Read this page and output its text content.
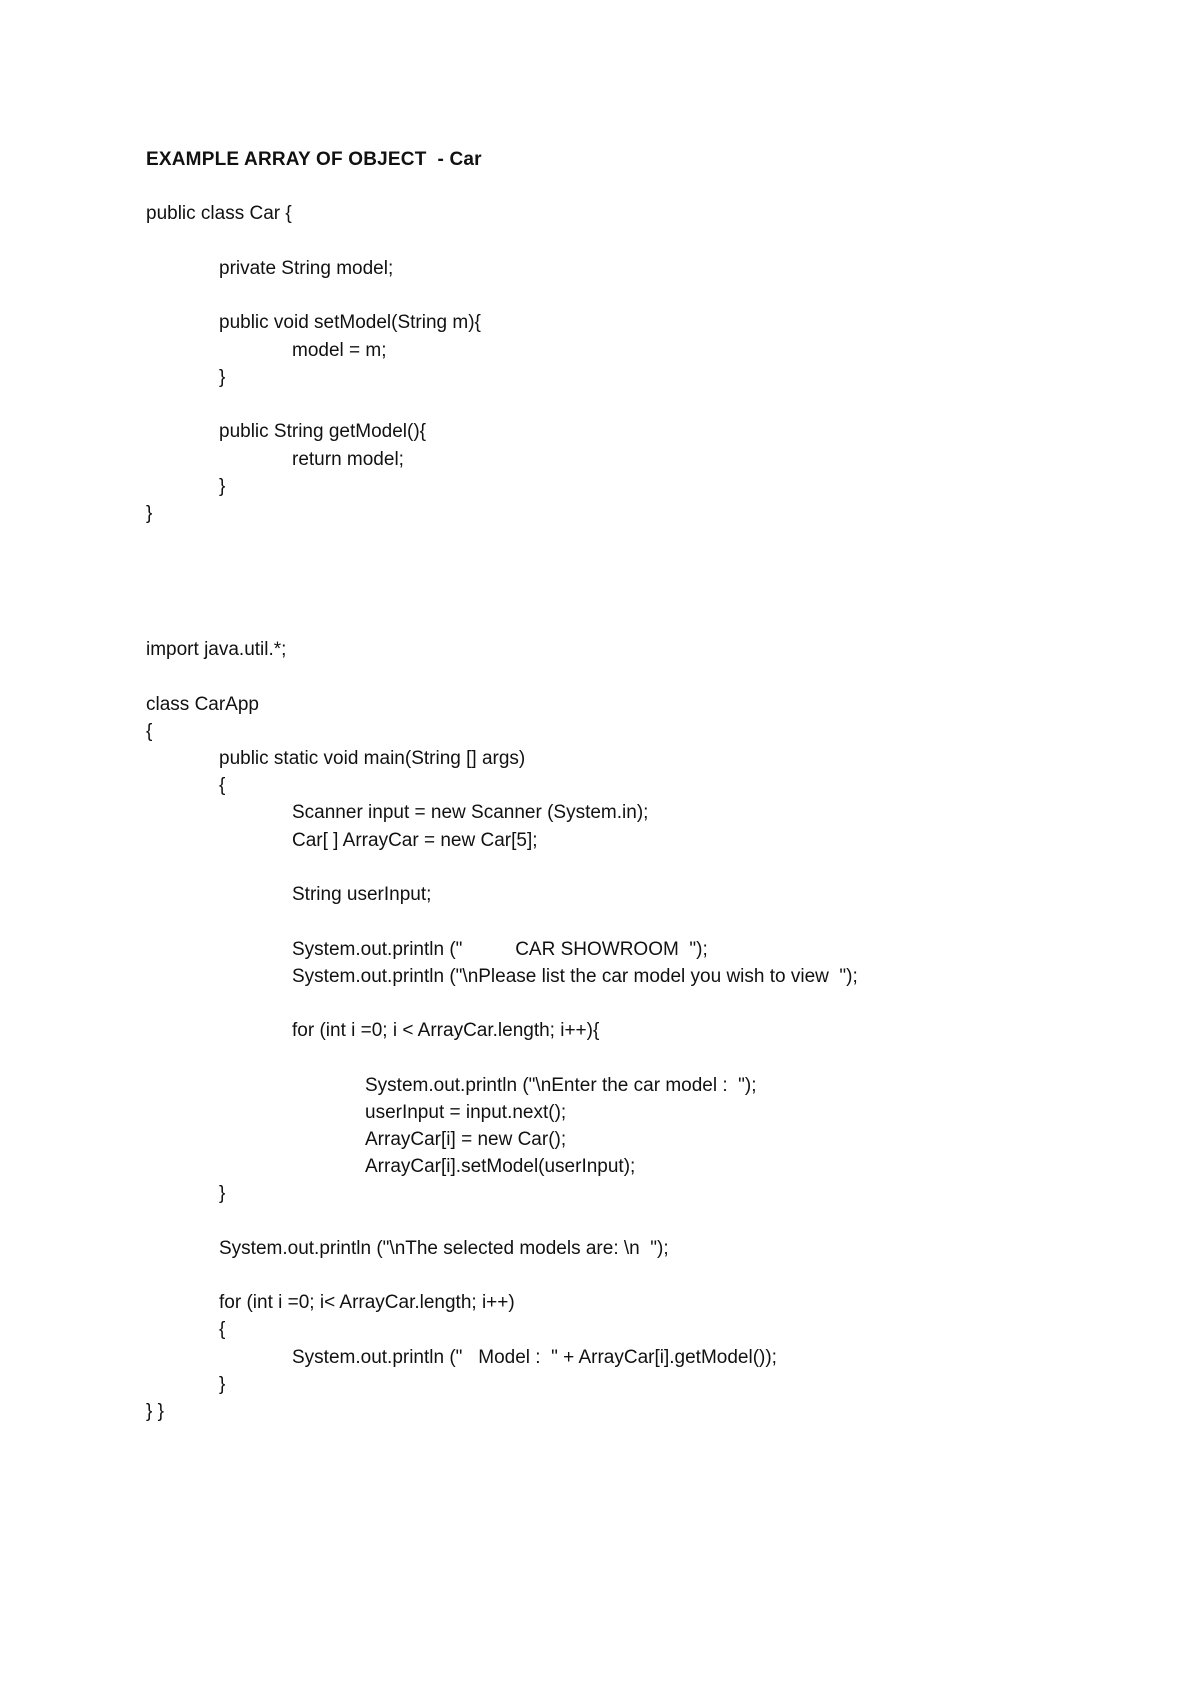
EXAMPLE ARRAY OF OBJECT  - Car
public class Car {
private String model;
public void setModel(String m){
model = m;
}
public String getModel(){
return model;
}
}
import java.util.*;
class CarApp
{
public static void main(String [] args)
{
Scanner input = new Scanner (System.in);
Car[ ] ArrayCar = new Car[5];
String userInput;
System.out.println ("          CAR SHOWROOM  ");
System.out.println ("\nPlease list the car model you wish to view  ");
for (int i =0; i < ArrayCar.length; i++){
System.out.println ("\nEnter the car model :  ");
userInput = input.next();
ArrayCar[i] = new Car();
ArrayCar[i].setModel(userInput);
}
System.out.println ("\nThe selected models are: \n  ");
for (int i =0; i< ArrayCar.length; i++)
{
System.out.println ("   Model :  " + ArrayCar[i].getModel());
}
} }
